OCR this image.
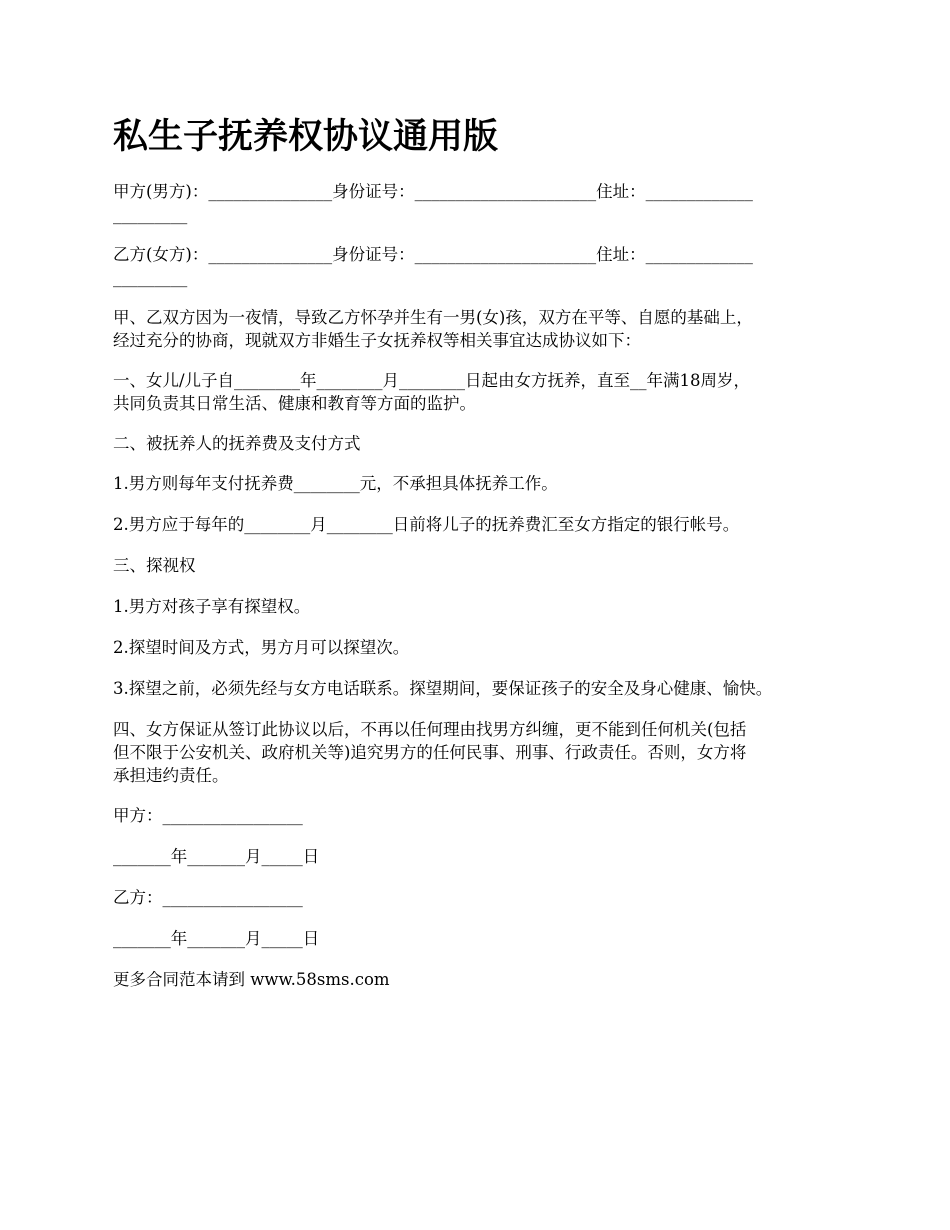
私生子抚养权协议通用版

甲方(男方)：_______________身份证号：______________________住址：_____________
_________

乙方(女方)：_______________身份证号：______________________住址：_____________
_________

甲、乙双方因为一夜情，导致乙方怀孕并生有一男(女)孩，双方在平等、自愿的基础上，
经过充分的协商，现就双方非婚生子女抚养权等相关事宜达成协议如下：

一、女儿/儿子自________年________月________日起由女方抚养，直至__年满18周岁，
共同负责其日常生活、健康和教育等方面的监护。

二、被抚养人的抚养费及支付方式

1.男方则每年支付抚养费________元，不承担具体抚养工作。

2.男方应于每年的________月________日前将儿子的抚养费汇至女方指定的银行帐号。

三、探视权

1.男方对孩子享有探望权。

2.探望时间及方式，男方月可以探望次。

3.探望之前，必须先经与女方电话联系。探望期间，要保证孩子的安全及身心健康、愉快。

四、女方保证从签订此协议以后，不再以任何理由找男方纠缠，更不能到任何机关(包括
但不限于公安机关、政府机关等)追究男方的任何民事、刑事、行政责任。否则，女方将
承担违约责任。

甲方：_________________

_______年_______月_____日

乙方：_________________

_______年_______月_____日

更多合同范本请到 www.58sms.com
